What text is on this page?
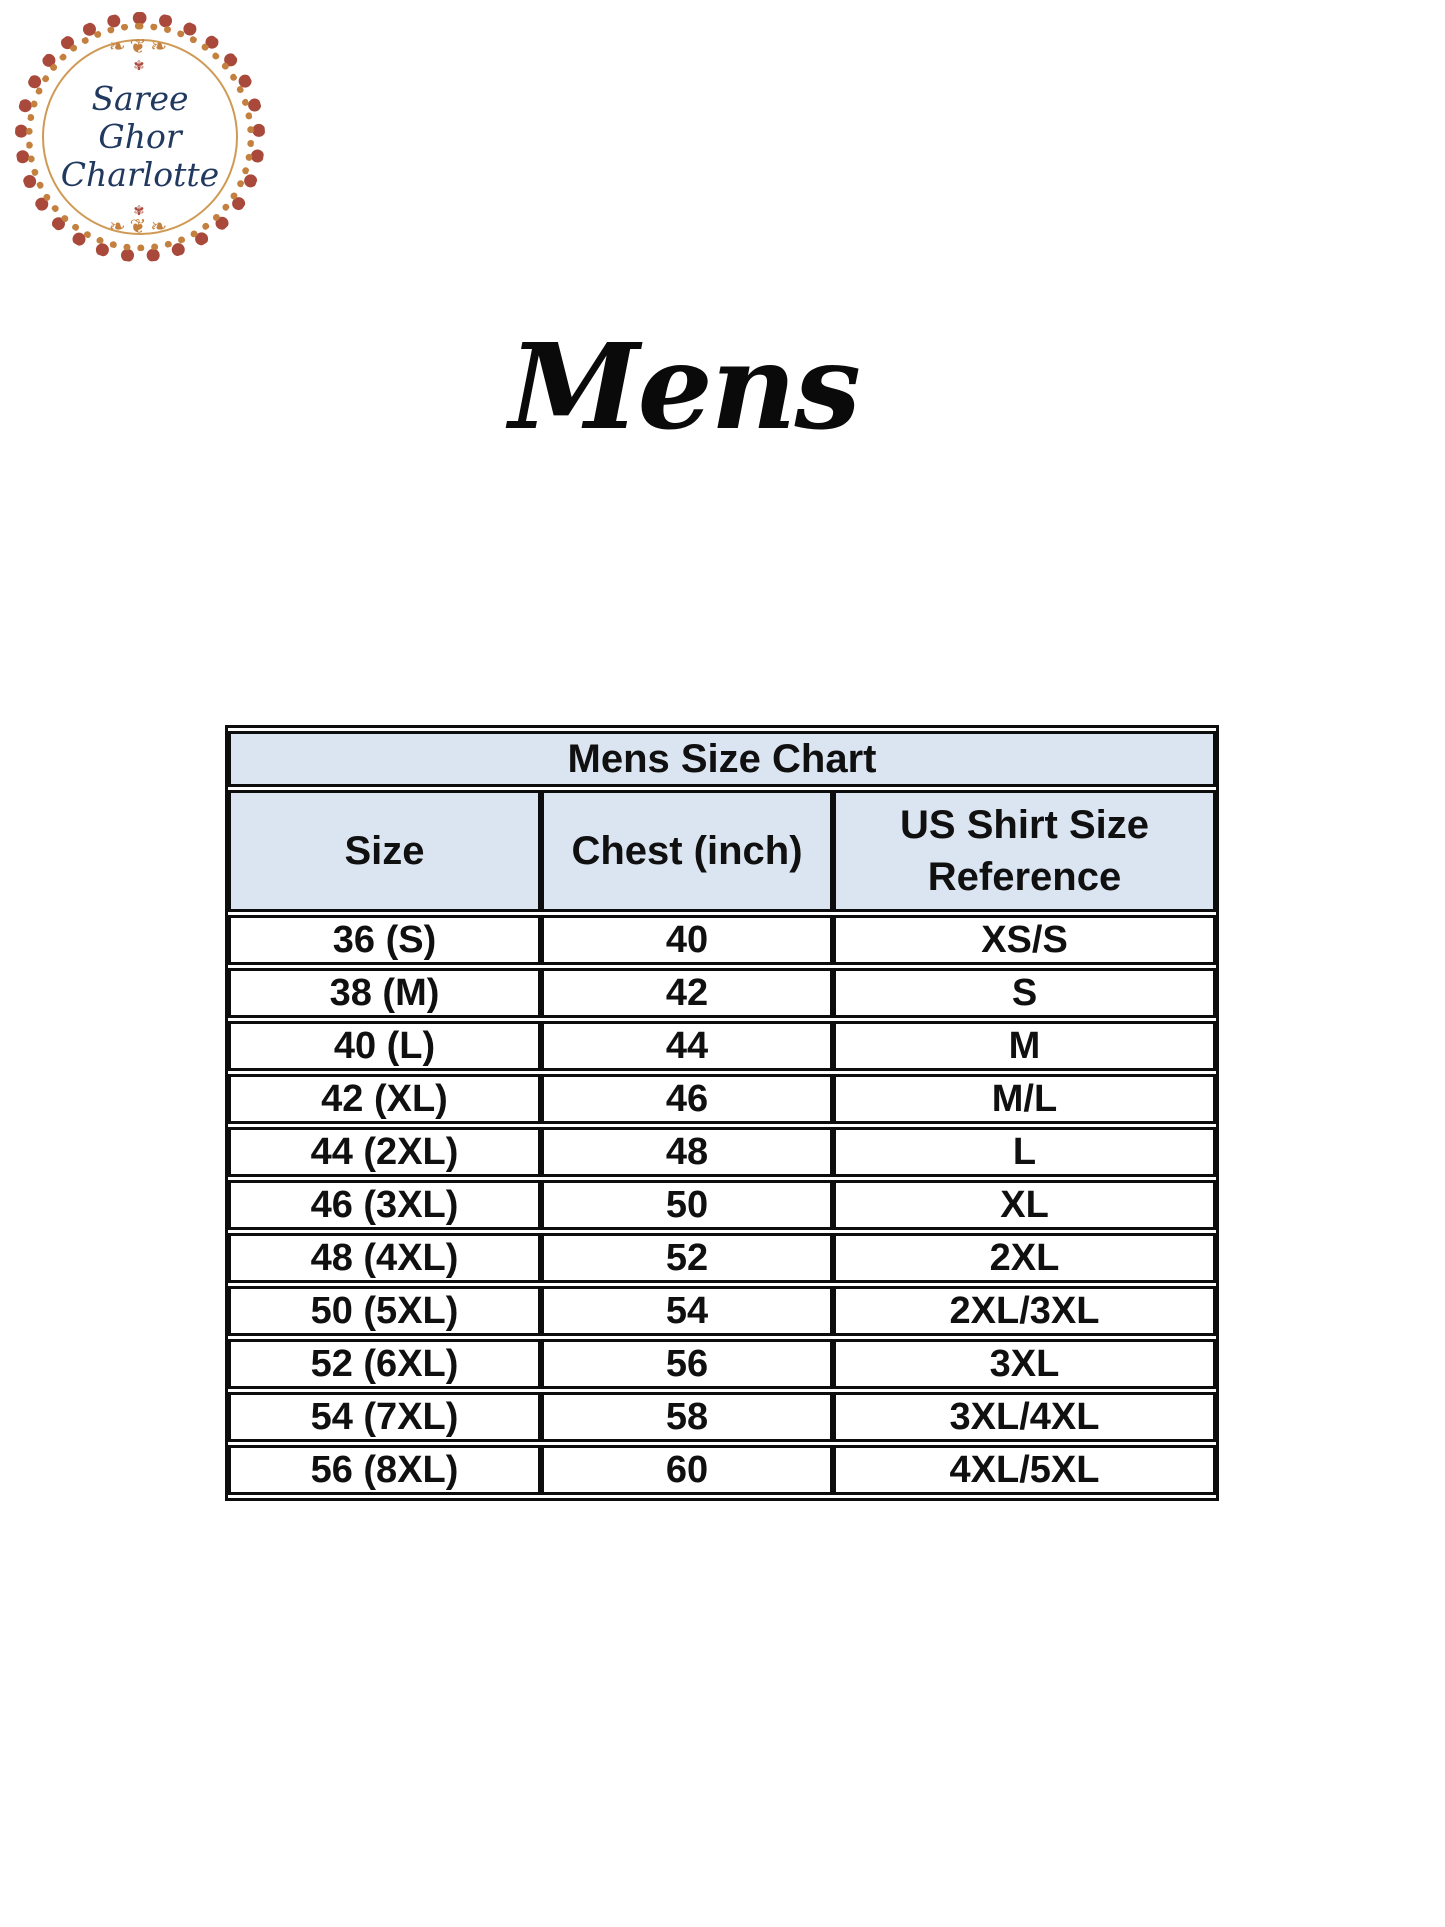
❧❦❧
✾
Saree Ghor
Charlotte
✾
❧❦❧
Mens
Mens Size Chart		
Size	Chest (inch)	US Shirt Size Reference
36 (S)	40	XS/S
38 (M)	42	S
40 (L)	44	M
42 (XL)	46	M/L
44 (2XL)	48	L
46 (3XL)	50	XL
48 (4XL)	52	2XL
50 (5XL)	54	2XL/3XL
52 (6XL)	56	3XL
54 (7XL)	58	3XL/4XL
56 (8XL)	60	4XL/5XL
